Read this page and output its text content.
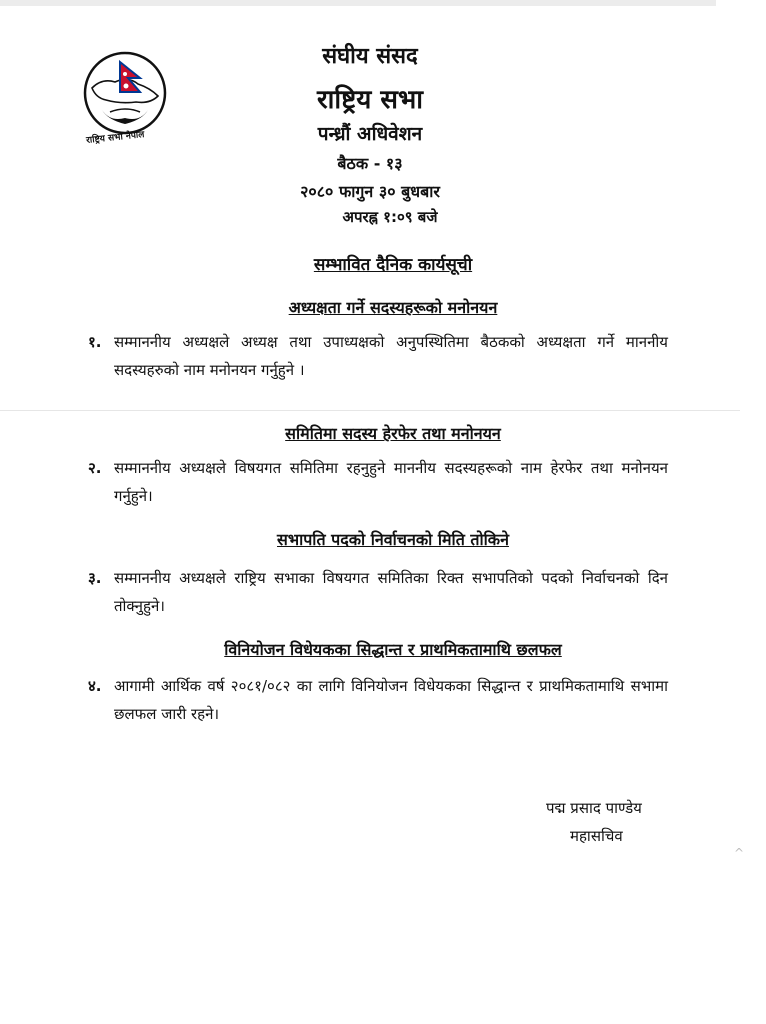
राष्ट्रिय सभा नेपाल
संघीय संसद
राष्ट्रिय सभा
पन्ध्रौं अधिवेशन
बैठक - १३
२०८० फागुन ३० बुधबार
अपरह्न १:०९ बजे
सम्भावित दैनिक कार्यसूची
अध्यक्षता गर्ने सदस्यहरूको मनोनयन
१. सम्माननीय अध्यक्षले अध्यक्ष तथा उपाध्यक्षको अनुपस्थितिमा बैठकको अध्यक्षता गर्ने माननीय सदस्यहरुको नाम मनोनयन गर्नुहुने ।
समितिमा सदस्य हेरफेर तथा मनोनयन
२. सम्माननीय अध्यक्षले विषयगत समितिमा रहनुहुने माननीय सदस्यहरूको नाम हेरफेर तथा मनोनयन गर्नुहुने।
सभापति पदको निर्वाचनको मिति तोकिने
३. सम्माननीय अध्यक्षले राष्ट्रिय सभाका विषयगत समितिका रिक्त सभापतिको पदको निर्वाचनको दिन तोक्नुहुने।
विनियोजन विधेयकका सिद्धान्त र प्राथमिकतामाथि छलफल
४. आगामी आर्थिक वर्ष २०८१/०८२ का लागि विनियोजन विधेयकका सिद्धान्त र प्राथमिकतामाथि सभामा छलफल जारी रहने।
पद्म प्रसाद पाण्डेय
महासचिव
^
